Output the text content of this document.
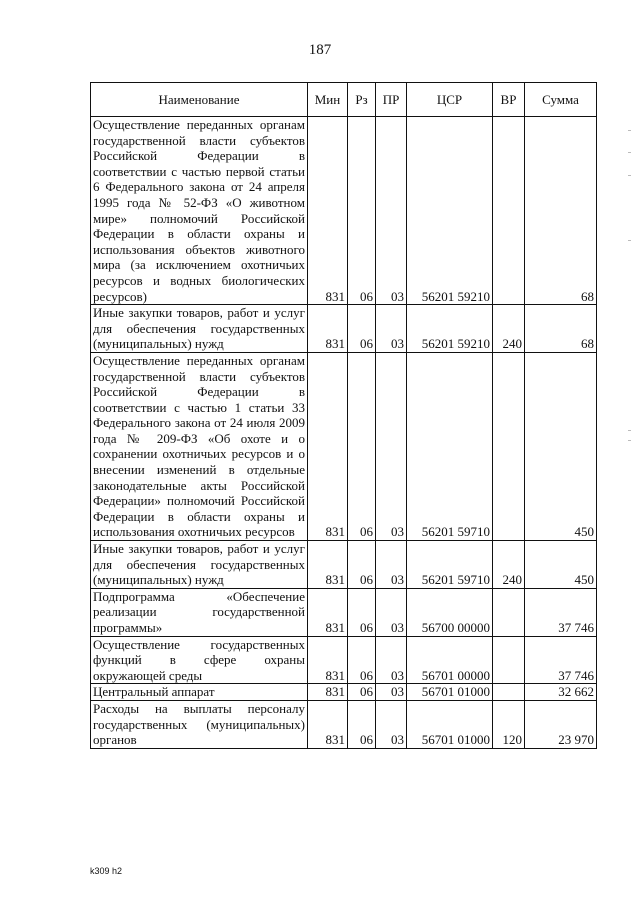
187
Наименование	Мин	Рз	ПР	ЦСР	ВР	Сумма
Осуществление переданных органам государственной власти субъектов Российской Федерации в соответствии с частью первой статьи 6 Федерального закона от 24 апреля 1995 года № 52-ФЗ «О животном мире» полномочий Российской Федерации в области охраны и использования объектов животного мира (за исключением охотничьих ресурсов и водных биологических ресурсов)	831	06	03	56201 59210		68
Иные закупки товаров, работ и услуг для обеспечения государственных (муниципальных) нужд	831	06	03	56201 59210	240	68
Осуществление переданных органам государственной власти субъектов Российской Федерации в соответствии с частью 1 статьи 33 Федерального закона от 24 июля 2009 года № 209-ФЗ «Об охоте и о сохранении охотничьих ресурсов и о внесении изменений в отдельные законодательные акты Российской Федерации» полномочий Российской Федерации в области охраны и использования охотничьих ресурсов	831	06	03	56201 59710		450
Иные закупки товаров, работ и услуг для обеспечения государственных (муниципальных) нужд	831	06	03	56201 59710	240	450
Подпрограмма «Обеспечение реализации государственной программы»	831	06	03	56700 00000		37 746
Осуществление государственных функций в сфере охраны окружающей среды	831	06	03	56701 00000		37 746
Центральный аппарат	831	06	03	56701 01000		32 662
Расходы на выплаты персоналу государственных (муниципальных) органов	831	06	03	56701 01000	120	23 970
k309 h2
